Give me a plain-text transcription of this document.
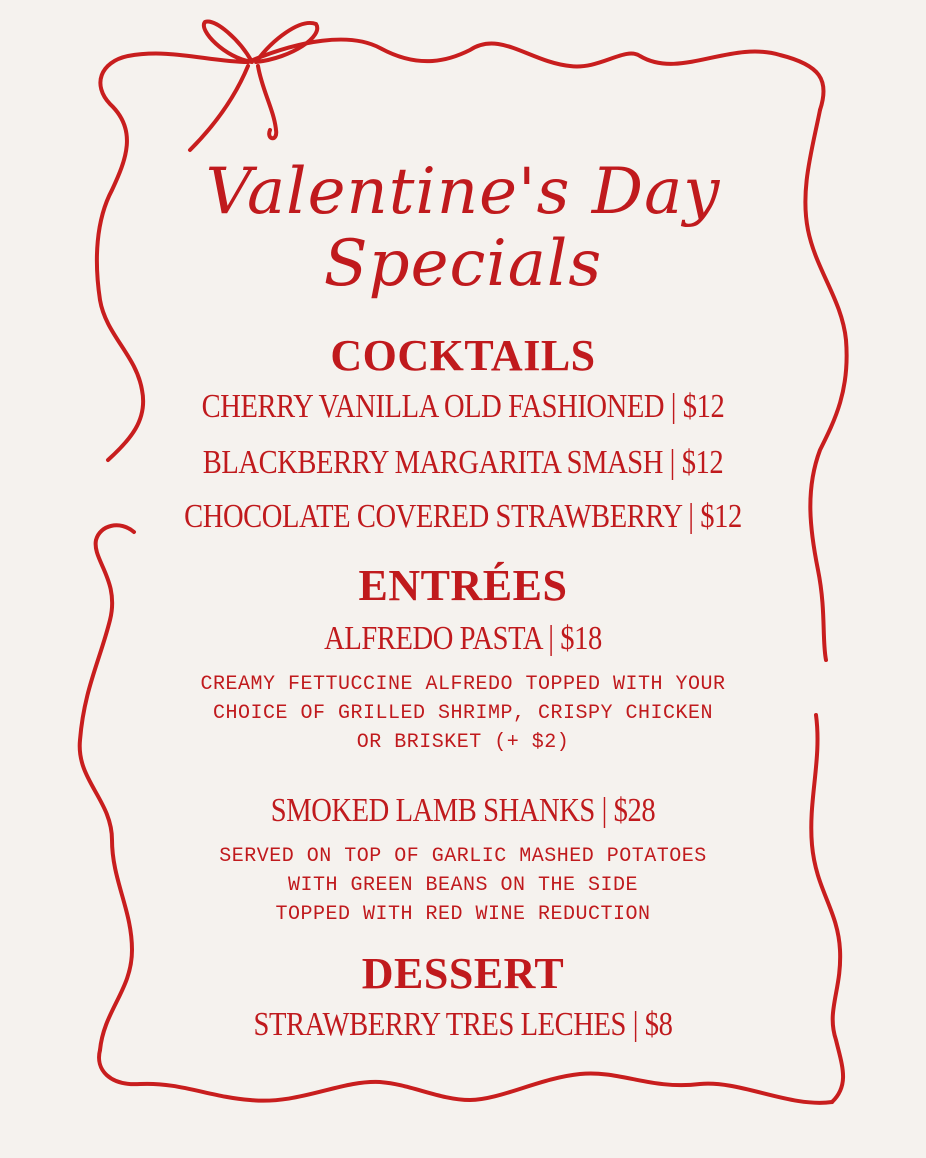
Valentine's Day
Specials
COCKTAILS
CHERRY VANILLA OLD FASHIONED | $12
BLACKBERRY MARGARITA SMASH | $12
CHOCOLATE COVERED STRAWBERRY | $12
ENTRÉES
ALFREDO PASTA | $18
CREAMY FETTUCCINE ALFREDO TOPPED WITH YOUR
CHOICE OF GRILLED SHRIMP, CRISPY CHICKEN
OR BRISKET (+ $2)
SMOKED LAMB SHANKS | $28
SERVED ON TOP OF GARLIC MASHED POTATOES
WITH GREEN BEANS ON THE SIDE
TOPPED WITH RED WINE REDUCTION
DESSERT
STRAWBERRY TRES LECHES | $8
